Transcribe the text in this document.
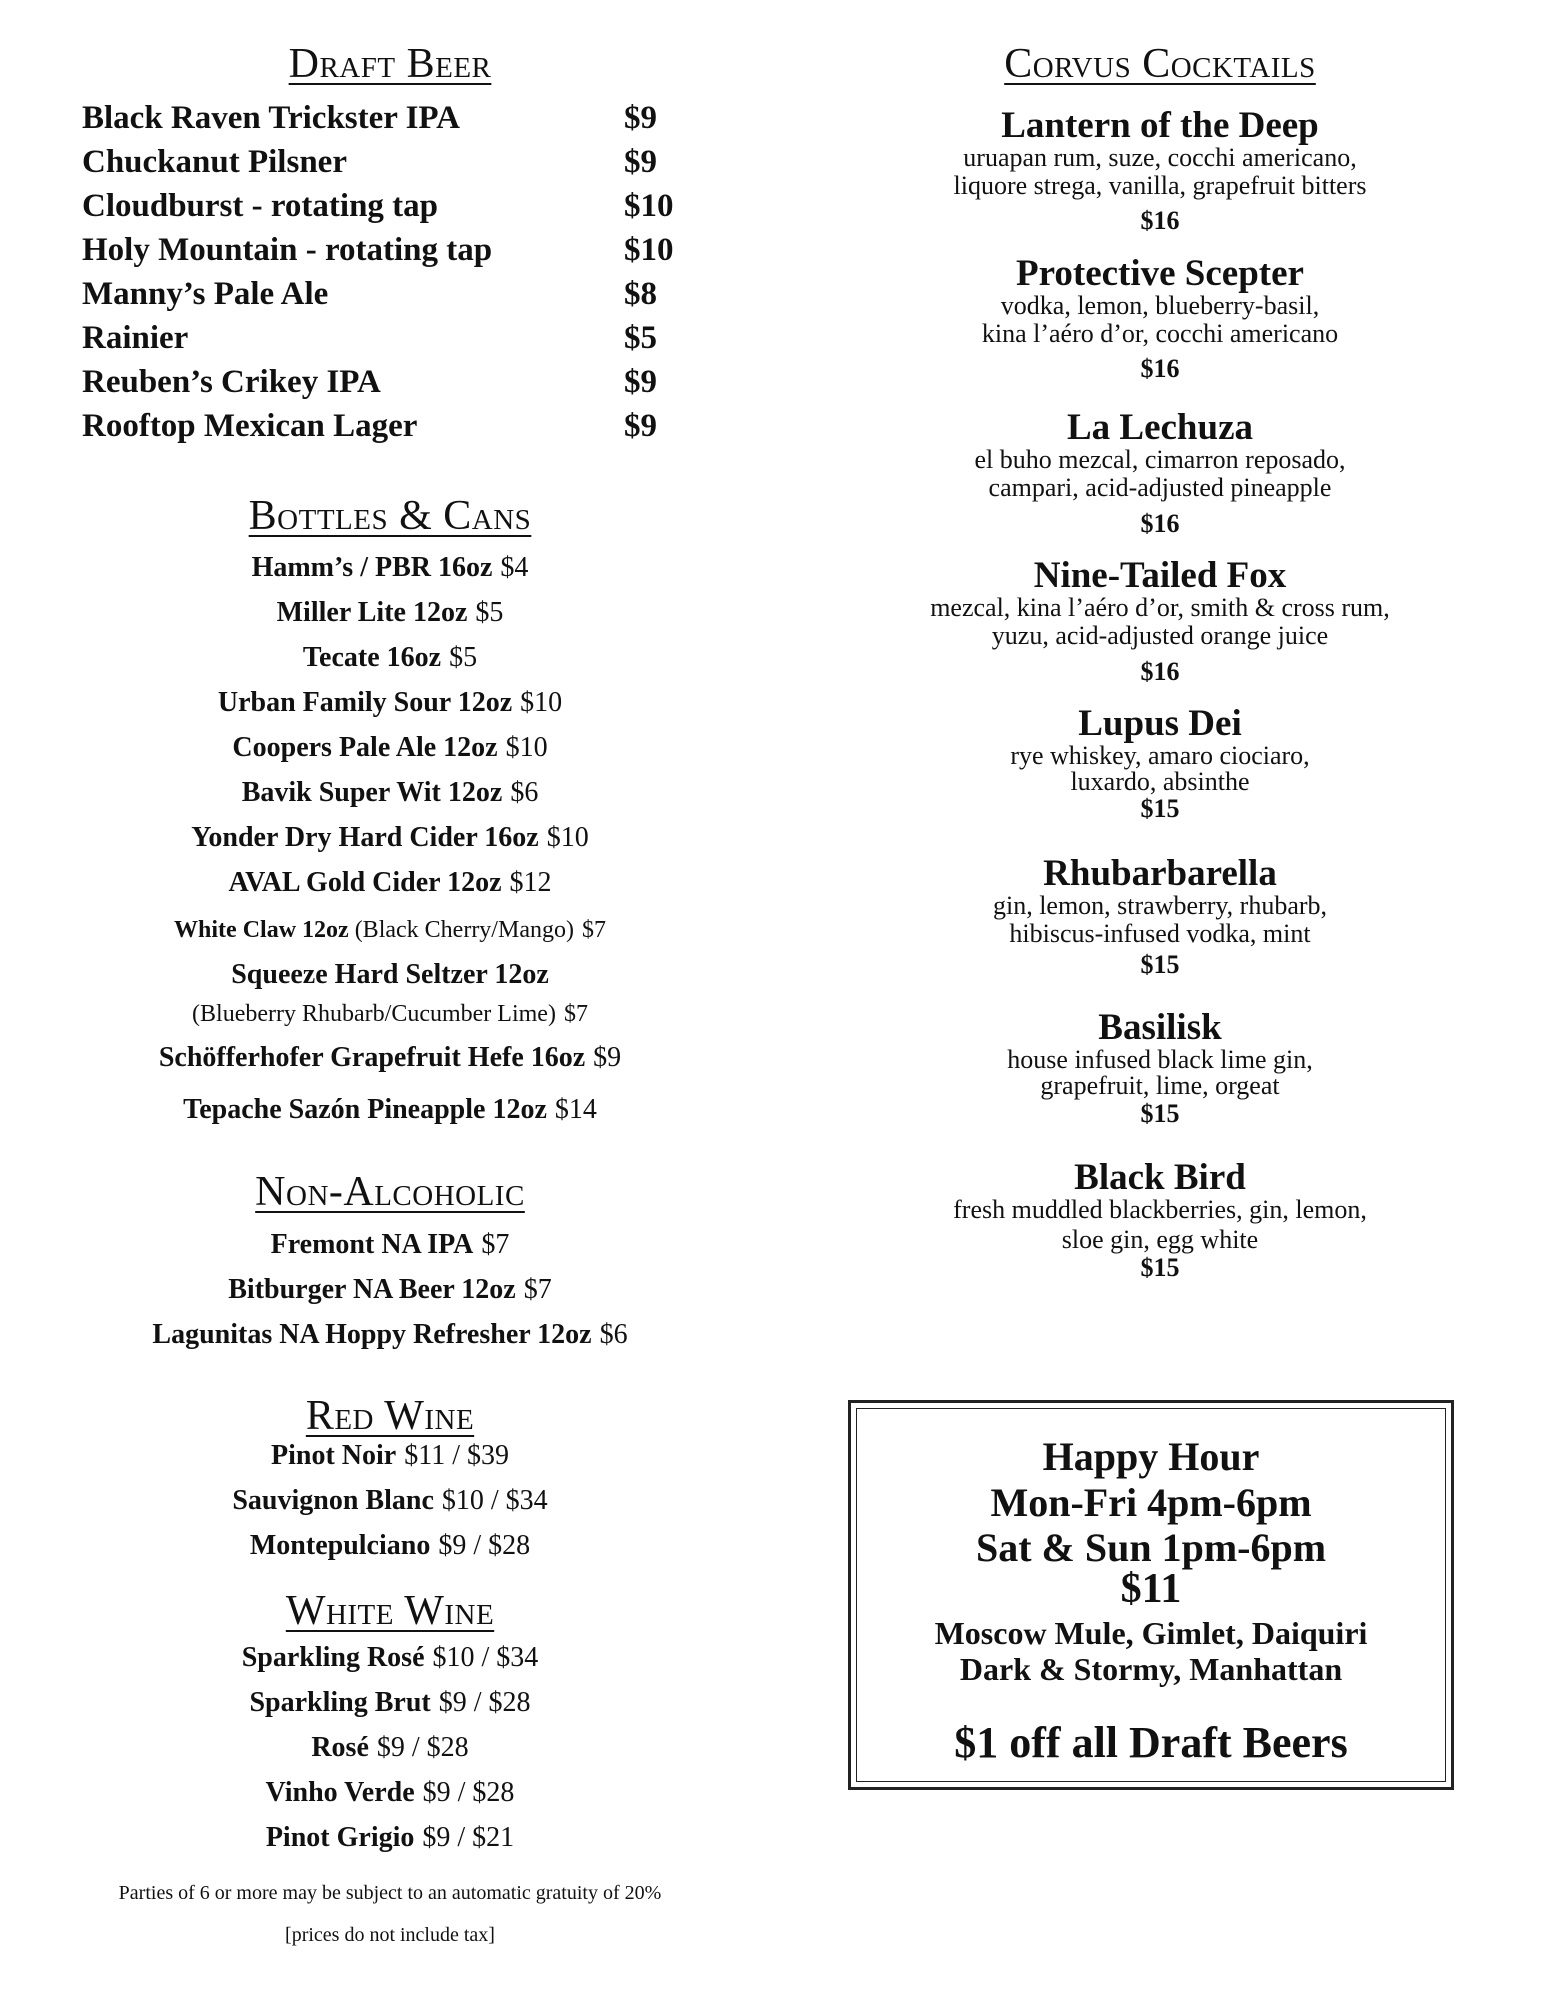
Draft Beer
Black Raven Trickster IPA	$9
Chuckanut Pilsner	$9
Cloudburst - rotating tap	$10
Holy Mountain - rotating tap	$10
Manny’s Pale Ale	$8
Rainier	$5
Reuben’s Crikey IPA	$9
Rooftop Mexican Lager	$9
Bottles & Cans
Hamm’s / PBR 16oz $4
Miller Lite 12oz $5
Tecate 16oz $5
Urban Family Sour 12oz $10
Coopers Pale Ale 12oz $10
Bavik Super Wit 12oz $6
Yonder Dry Hard Cider 16oz $10
AVAL Gold Cider 12oz $12
White Claw 12oz (Black Cherry/Mango) $7
Squeeze Hard Seltzer 12oz
(Blueberry Rhubarb/Cucumber Lime) $7
Schöfferhofer Grapefruit Hefe 16oz $9
Tepache Sazón Pineapple 12oz $14
Non-Alcoholic
Fremont NA IPA $7
Bitburger NA Beer 12oz $7
Lagunitas NA Hoppy Refresher 12oz $6
Red Wine
Pinot Noir $11 / $39
Sauvignon Blanc $10 / $34
Montepulciano $9 / $28
White Wine
Sparkling Rosé $10 / $34
Sparkling Brut $9 / $28
Rosé $9 / $28
Vinho Verde $9 / $28
Pinot Grigio $9 / $21
Parties of 6 or more may be subject to an automatic gratuity of 20%
[prices do not include tax]
Corvus Cocktails
Lantern of the Deep
uruapan rum, suze, cocchi americano,
liquore strega, vanilla, grapefruit bitters
$16
Protective Scepter
vodka, lemon, blueberry-basil,
kina l’aéro d’or, cocchi americano
$16
La Lechuza
el buho mezcal, cimarron reposado,
campari, acid-adjusted pineapple
$16
Nine-Tailed Fox
mezcal, kina l’aéro d’or, smith & cross rum,
yuzu, acid-adjusted orange juice
$16
Lupus Dei
rye whiskey, amaro ciociaro,
luxardo, absinthe
$15
Rhubarbarella
gin, lemon, strawberry, rhubarb,
hibiscus-infused vodka, mint
$15
Basilisk
house infused black lime gin,
grapefruit, lime, orgeat
$15
Black Bird
fresh muddled blackberries, gin, lemon,
sloe gin, egg white
$15
Happy Hour
Mon-Fri 4pm-6pm
Sat & Sun 1pm-6pm
$11
Moscow Mule, Gimlet, Daiquiri
Dark & Stormy, Manhattan
$1 off all Draft Beers
